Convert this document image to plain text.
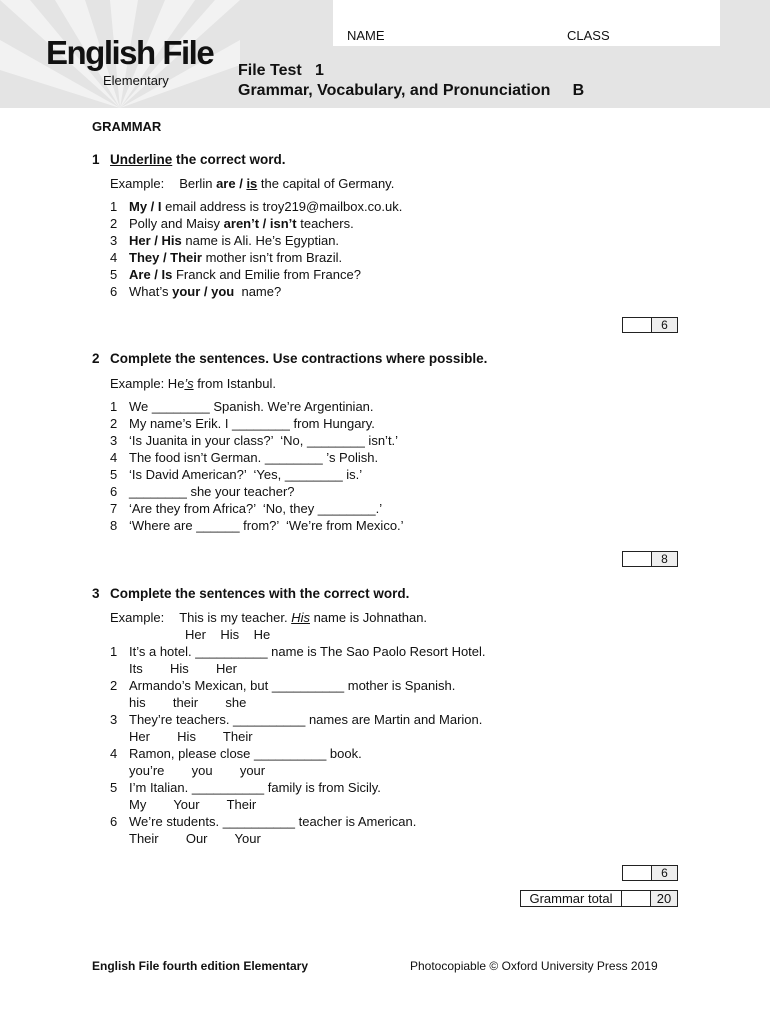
English File
Elementary
NAME	CLASS
File Test   1
Grammar, Vocabulary, and Pronunciation     B
GRAMMAR
1 Underline the correct word.
Example: Berlin are / is the capital of Germany.
1 My / I email address is troy219@mailbox.co.uk.
2 Polly and Maisy aren’t / isn’t teachers.
3 Her / His name is Ali. He’s Egyptian.
4 They / Their mother isn’t from Brazil.
5 Are / Is Franck and Emilie from France?
6 What’s your / you  name?
6
2 Complete the sentences. Use contractions where possible.
Example: He’s from Istanbul.
1 We ________ Spanish. We’re Argentinian.
2 My name’s Erik. I ________ from Hungary.
3 ‘Is Juanita in your class?’  ‘No, ________ isn’t.’
4 The food isn’t German. ________ ’s Polish.
5 ‘Is David American?’  ‘Yes, ________ is.’
6 ________ she your teacher?
7 ‘Are they from Africa?’  ‘No, they ________.’
8 ‘Where are ______ from?’  ‘We’re from Mexico.’
8
3 Complete the sentences with the correct word.
Example: This is my teacher. His name is Johnathan.
Her    His    He
1 It’s a hotel. __________ name is The Sao Paolo Resort Hotel.
Its  His  Her
2 Armando’s Mexican, but __________ mother is Spanish.
his  their  she
3 They’re teachers. __________ names are Martin and Marion.
Her  His  Their
4 Ramon, please close __________ book.
you’re  you  your
5 I’m Italian. __________ family is from Sicily.
My  Your  Their
6 We’re students. __________ teacher is American.
Their  Our  Your
6
Grammar total	20
English File fourth edition Elementary	Photocopiable © Oxford University Press 2019
